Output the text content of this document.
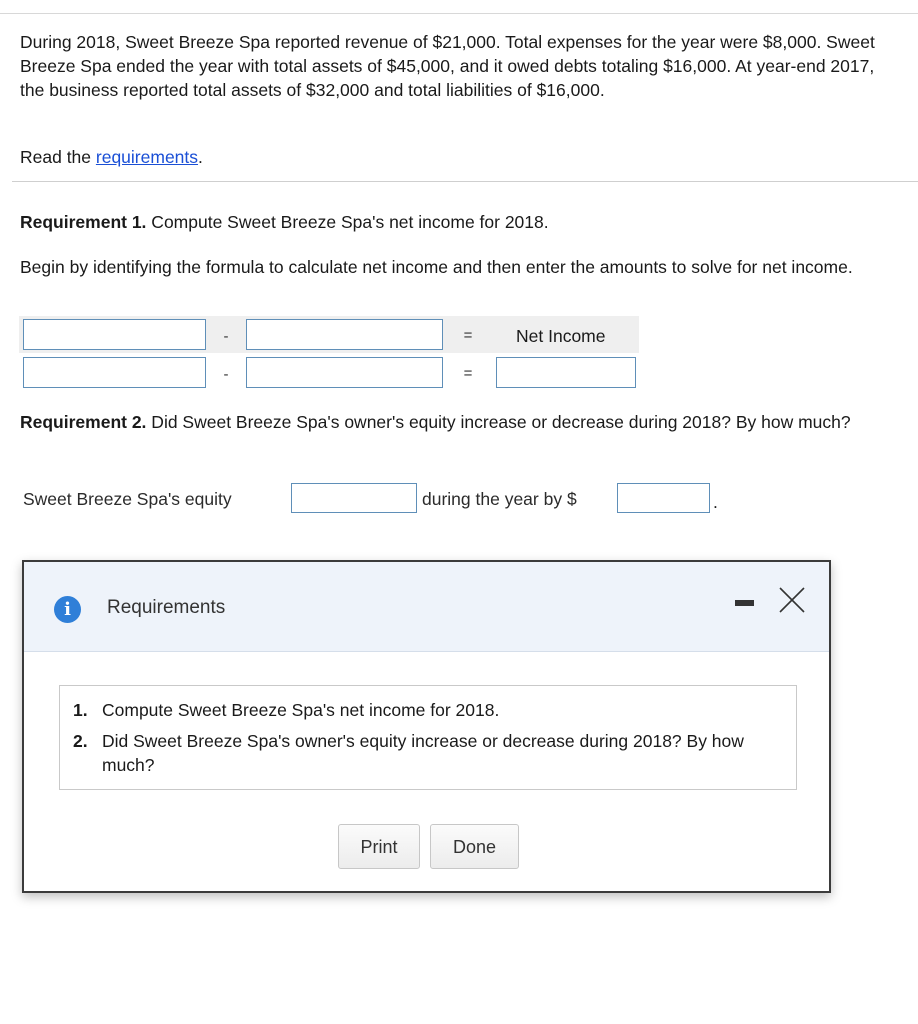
During 2018, Sweet Breeze Spa reported revenue of $21,000. Total expenses for the year were $8,000. Sweet Breeze Spa ended the year with total assets of $45,000, and it owed debts totaling $16,000. At year-end 2017, the business reported total assets of $32,000 and total liabilities of $16,000.
Read the requirements.
Requirement 1. Compute Sweet Breeze Spa's net income for 2018.
Begin by identifying the formula to calculate net income and then enter the amounts to solve for net income.
-	= Net Income
-	=
Requirement 2. Did Sweet Breeze Spa's owner's equity increase or decrease during 2018? By how much?
Sweet Breeze Spa's equity	during the year by $	.
i	Requirements
1. Compute Sweet Breeze Spa's net income for 2018.
2. Did Sweet Breeze Spa's owner's equity increase or decrease during 2018? By how much?
Print	Done
